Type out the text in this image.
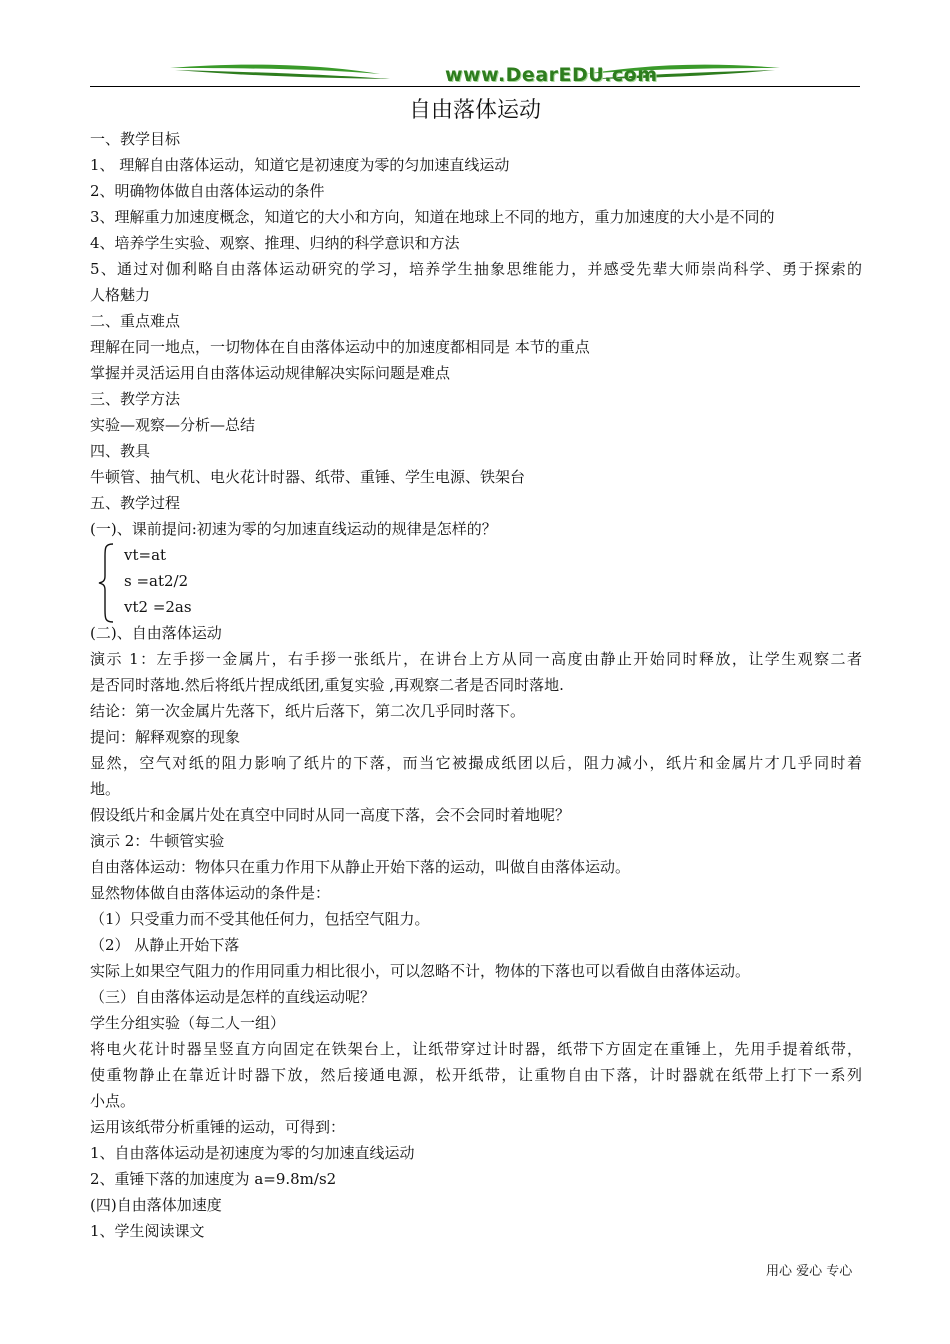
www.DearEDU.com
自由落体运动
一、教学目标
1、 理解自由落体运动，知道它是初速度为零的匀加速直线运动
2、明确物体做自由落体运动的条件
3、理解重力加速度概念，知道它的大小和方向，知道在地球上不同的地方，重力加速度的大小是不同的
4、培养学生实验、观察、推理、归纳的科学意识和方法
5、通过对伽利略自由落体运动研究的学习，培养学生抽象思维能力，并感受先辈大师崇尚科学、勇于探索的
人格魅力
二、重点难点
理解在同一地点，一切物体在自由落体运动中的加速度都相同是 本节的重点
掌握并灵活运用自由落体运动规律解决实际问题是难点
三、教学方法
实验—观察—分析—总结
四、教具
牛顿管、抽气机、电火花计时器、纸带、重锤、学生电源、铁架台
五、教学过程
(一)、课前提问:初速为零的匀加速直线运动的规律是怎样的？
vt=at
s =at2/2
vt2 =2as
(二)、自由落体运动
演示 1：左手拶一金属片，右手拶一张纸片，在讲台上方从同一高度由静止开始同时释放，让学生观察二者
是否同时落地.然后将纸片捏成纸团,重复实验 ,再观察二者是否同时落地.
结论：第一次金属片先落下，纸片后落下，第二次几乎同时落下。
提问：解释观察的现象
显然，空气对纸的阻力影响了纸片的下落，而当它被撮成纸团以后，阻力减小，纸片和金属片才几乎同时着
地。
假设纸片和金属片处在真空中同时从同一高度下落，会不会同时着地呢？
演示 2：牛顿管实验
自由落体运动：物体只在重力作用下从静止开始下落的运动，叫做自由落体运动。
显然物体做自由落体运动的条件是：
（1）只受重力而不受其他任何力，包括空气阻力。
（2） 从静止开始下落
实际上如果空气阻力的作用同重力相比很小，可以忽略不计，物体的下落也可以看做自由落体运动。
（三）自由落体运动是怎样的直线运动呢？
学生分组实验（每二人一组）
将电火花计时器呈竖直方向固定在铁架台上，让纸带穿过计时器，纸带下方固定在重锤上，先用手提着纸带，
使重物静止在靠近计时器下放，然后接通电源，松开纸带，让重物自由下落，计时器就在纸带上打下一系列
小点。
运用该纸带分析重锤的运动，可得到：
1、自由落体运动是初速度为零的匀加速直线运动
2、重锤下落的加速度为 a=9.8m/s2
(四)自由落体加速度
1、学生阅读课文
用心 爱心 专心
